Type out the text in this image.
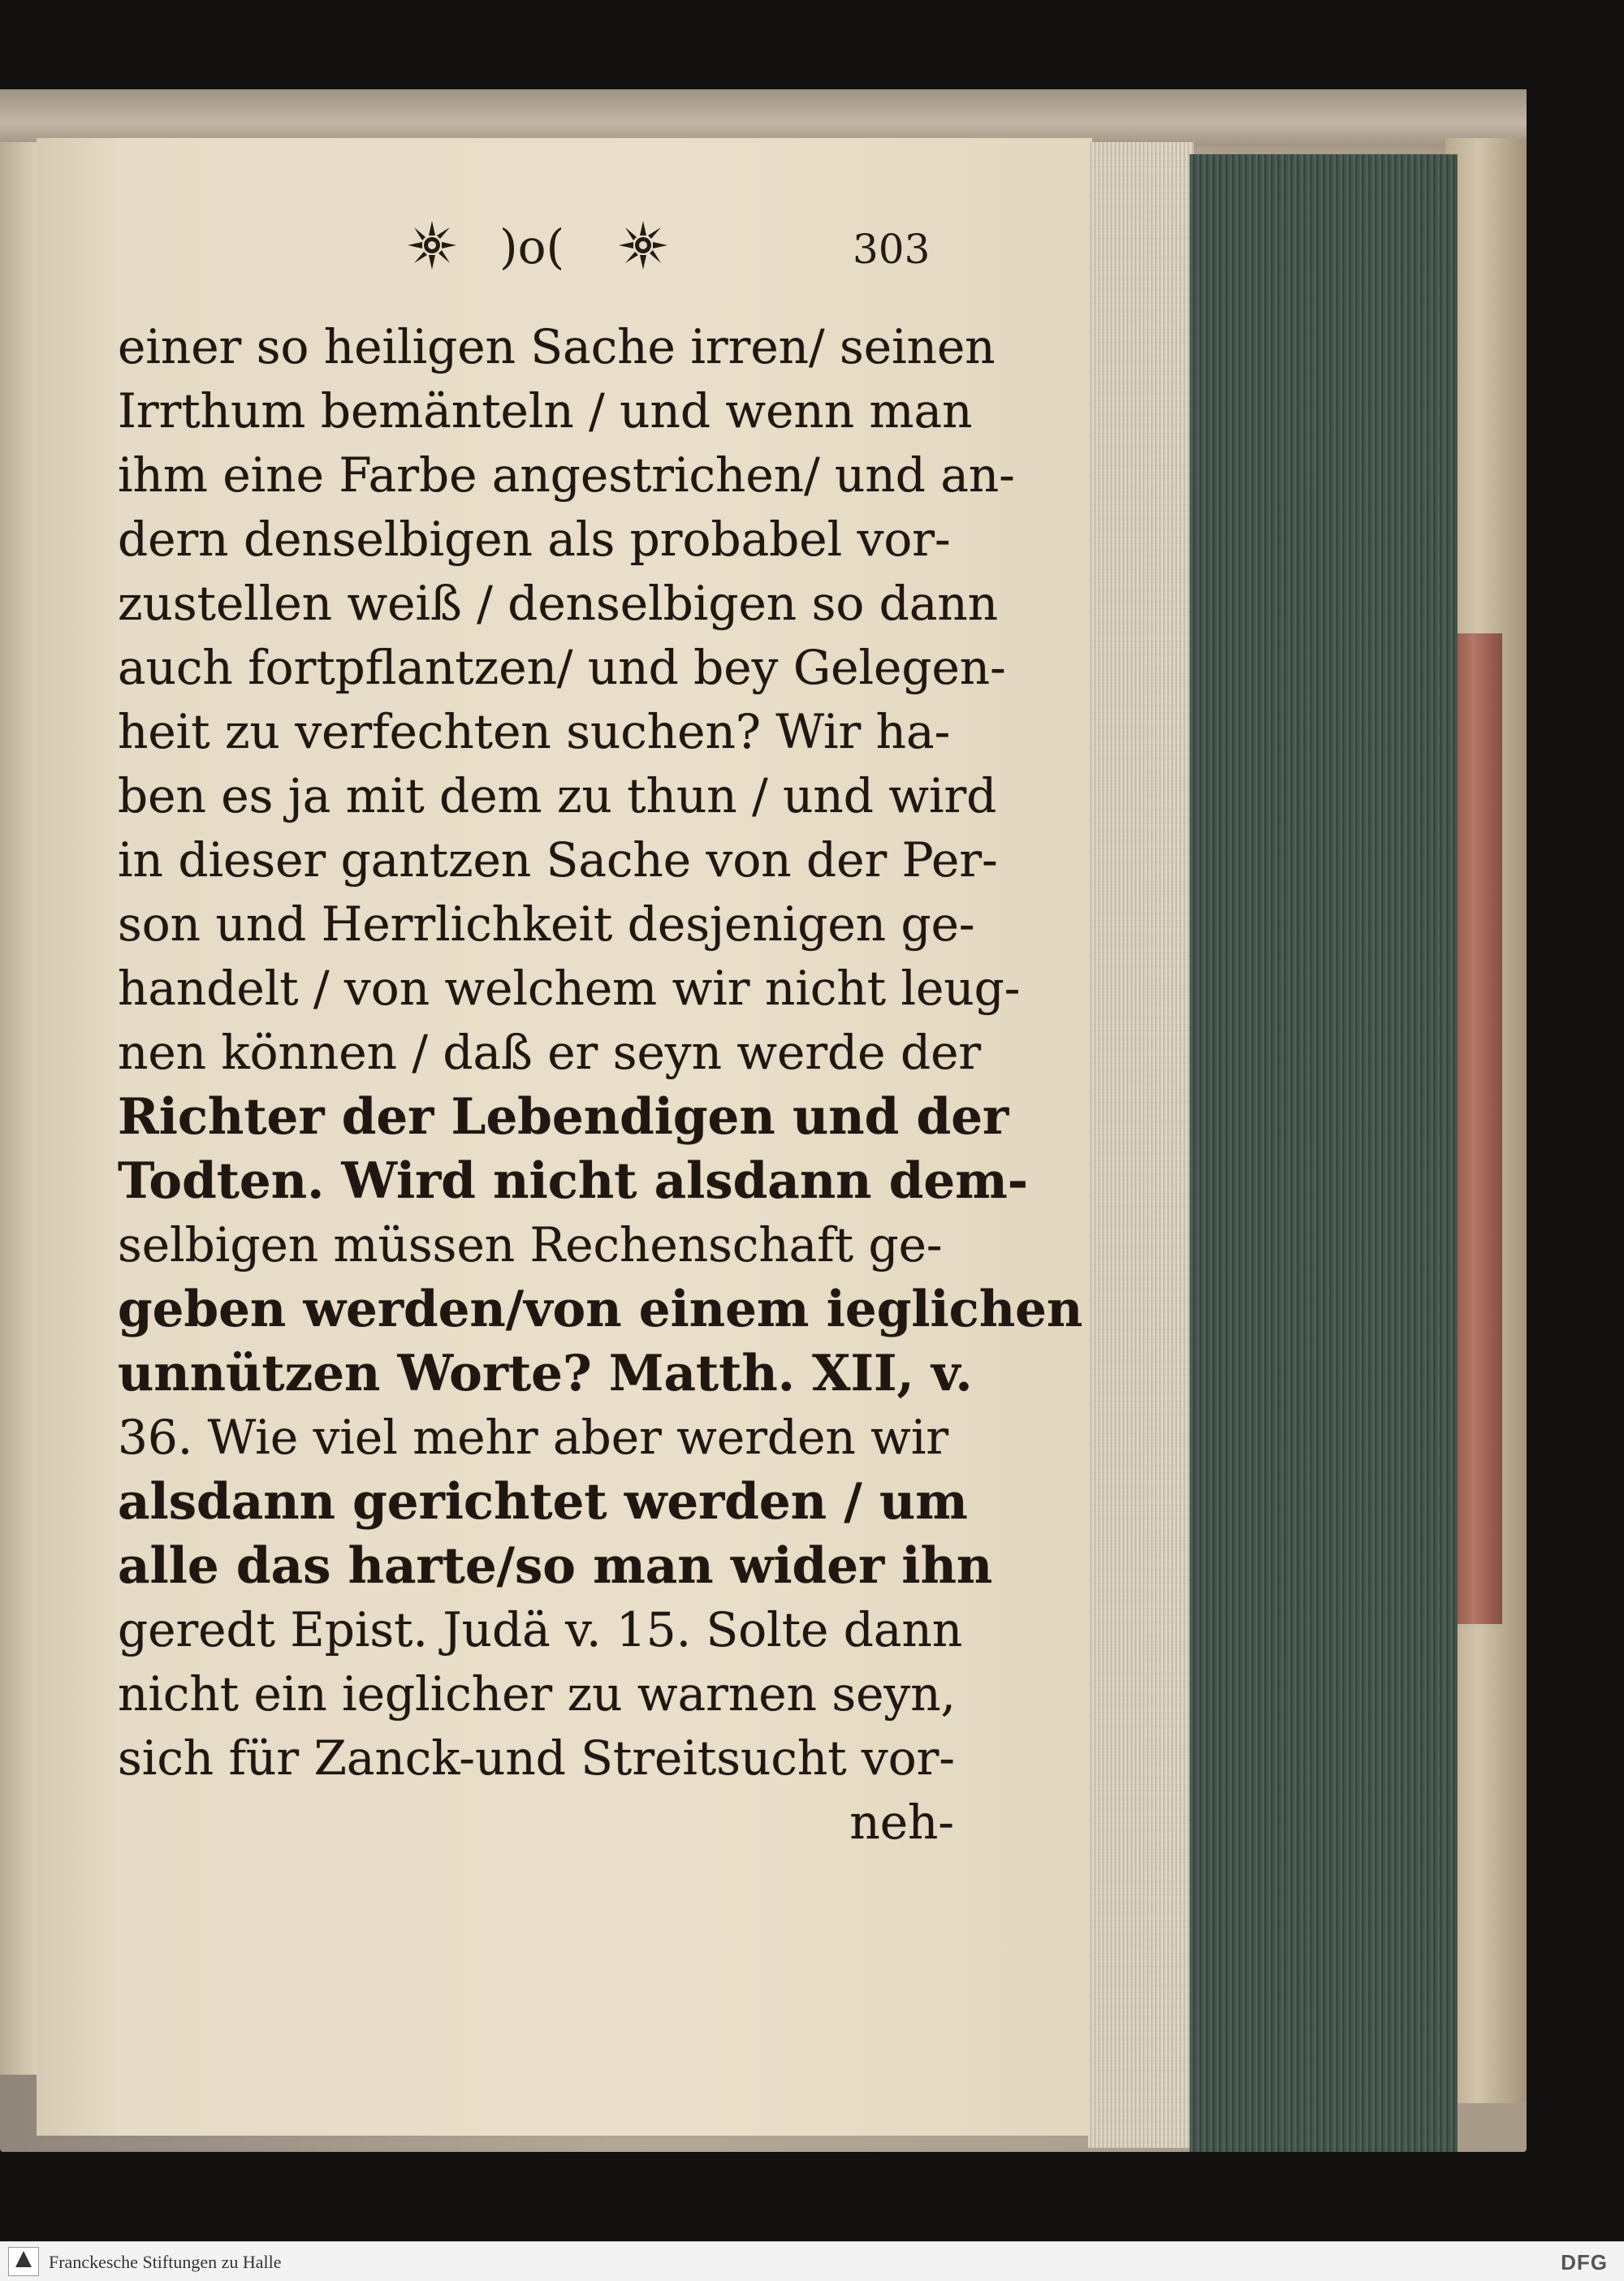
)o(	303
einer so heiligen Sache irren/ seinen
Irrthum bemänteln / und wenn man
ihm eine Farbe angestrichen/ und an-
dern denselbigen als probabel vor-
zustellen weiß / denselbigen so dann
auch fortpflantzen/ und bey Gelegen-
heit zu verfechten suchen? Wir ha-
ben es ja mit dem zu thun / und wird
in dieser gantzen Sache von der Per-
son und Herrlichkeit desjenigen ge-
handelt / von welchem wir nicht leug-
nen können / daß er seyn werde der
Richter der Lebendigen und der
Todten. Wird nicht alsdann dem-
selbigen müssen Rechenschaft ge-
geben werden/von einem ieglichen
unnützen Worte? Matth. XII, v.
36. Wie viel mehr aber werden wir
alsdann gerichtet werden / um
alle das harte/so man wider ihn
geredt Epist. Judä v. 15. Solte dann
nicht ein ieglicher zu warnen seyn,
sich für Zanck-und Streitsucht vor-
neh-
Franckesche Stiftungen zu Halle	DFG
